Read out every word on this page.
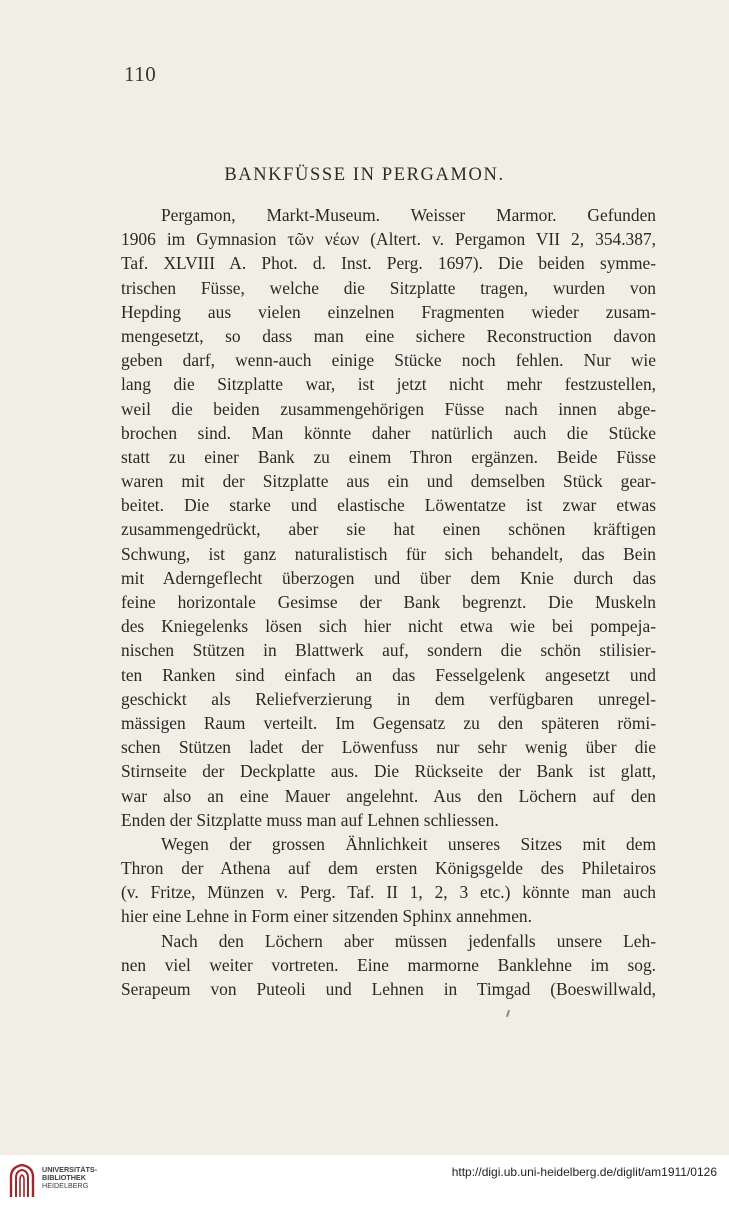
110
BANKFÜSSE IN PERGAMON.
Pergamon, Markt-Museum. Weisser Marmor. Gefunden
1906 im Gymnasion τῶν νέων (Altert. v. Pergamon VII 2, 354.387,
Taf. XLVIII A. Phot. d. Inst. Perg. 1697). Die beiden symme-
trischen Füsse, welche die Sitzplatte tragen, wurden von
Hepding aus vielen einzelnen Fragmenten wieder zusam-
mengesetzt, so dass man eine sichere Reconstruction davon
geben darf, wenn-auch einige Stücke noch fehlen. Nur wie
lang die Sitzplatte war, ist jetzt nicht mehr festzustellen,
weil die beiden zusammengehörigen Füsse nach innen abge-
brochen sind. Man könnte daher natürlich auch die Stücke
statt zu einer Bank zu einem Thron ergänzen. Beide Füsse
waren mit der Sitzplatte aus ein und demselben Stück gear-
beitet. Die starke und elastische Löwentatze ist zwar etwas
zusammengedrückt, aber sie hat einen schönen kräftigen
Schwung, ist ganz naturalistisch für sich behandelt, das Bein
mit Aderngeflecht überzogen und über dem Knie durch das
feine horizontale Gesimse der Bank begrenzt. Die Muskeln
des Kniegelenks lösen sich hier nicht etwa wie bei pompeja-
nischen Stützen in Blattwerk auf, sondern die schön stilisier-
ten Ranken sind einfach an das Fesselgelenk angesetzt und
geschickt als Reliefverzierung in dem verfügbaren unregel-
mässigen Raum verteilt. Im Gegensatz zu den späteren römi-
schen Stützen ladet der Löwenfuss nur sehr wenig über die
Stirnseite der Deckplatte aus. Die Rückseite der Bank ist glatt,
war also an eine Mauer angelehnt. Aus den Löchern auf den
Enden der Sitzplatte muss man auf Lehnen schliessen.
Wegen der grossen Ähnlichkeit unseres Sitzes mit dem
Thron der Athena auf dem ersten Königsgelde des Philetairos
(v. Fritze, Münzen v. Perg. Taf. II 1, 2, 3 etc.) könnte man auch
hier eine Lehne in Form einer sitzenden Sphinx annehmen.
Nach den Löchern aber müssen jedenfalls unsere Leh-
nen viel weiter vortreten. Eine marmorne Banklehne im sog.
Serapeum von Puteoli und Lehnen in Timgad (Boeswillwald,
UNIVERSITÄTS-
BIBLIOTHEK
HEIDELBERG
http://digi.ub.uni-heidelberg.de/diglit/am1911/0126
